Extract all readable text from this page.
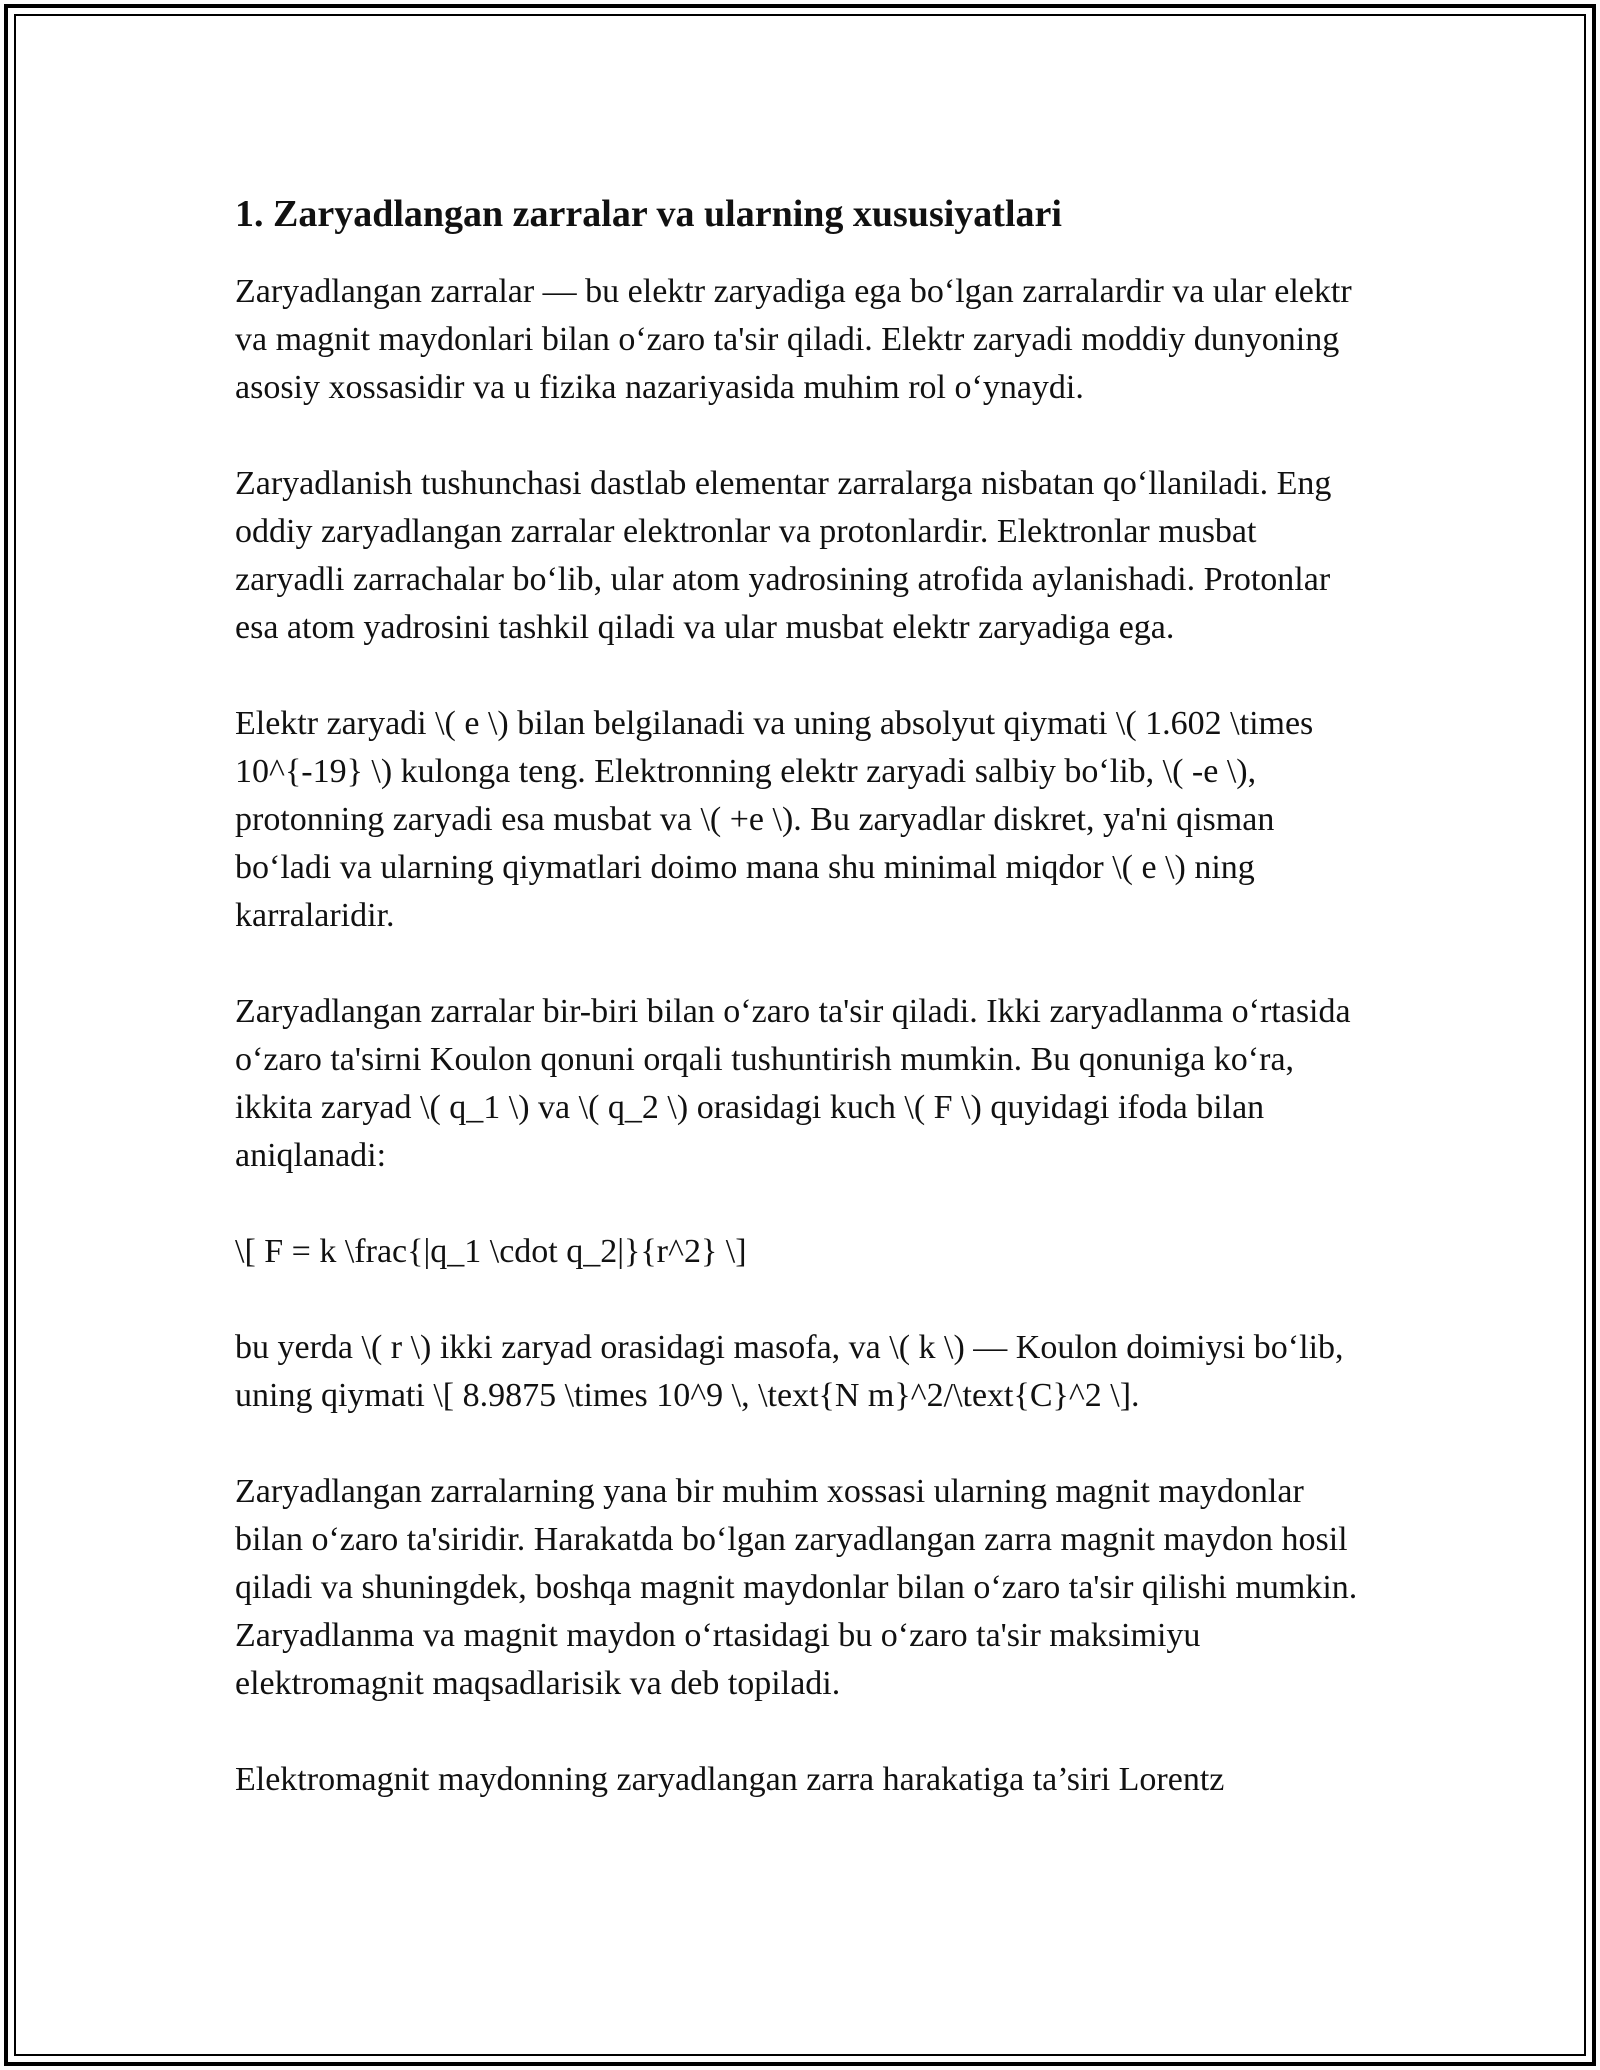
1. Zaryadlangan zarralar va ularning xususiyatlari

Zaryadlangan zarralar — bu elektr zaryadiga ega bo‘lgan zarralardir va ular elektr va magnit maydonlari bilan o‘zaro ta'sir qiladi. Elektr zaryadi moddiy dunyoning asosiy xossasidir va u fizika nazariyasida muhim rol o‘ynaydi.

Zaryadlanish tushunchasi dastlab elementar zarralarga nisbatan qo‘llaniladi. Eng oddiy zaryadlangan zarralar elektronlar va protonlardir. Elektronlar musbat zaryadli zarrachalar bo‘lib, ular atom yadrosining atrofida aylanishadi. Protonlar esa atom yadrosini tashkil qiladi va ular musbat elektr zaryadiga ega.

Elektr zaryadi \( e \) bilan belgilanadi va uning absolyut qiymati \( 1.602 \times 10^{-19} \) kulonga teng. Elektronning elektr zaryadi salbiy bo‘lib, \( -e \), protonning zaryadi esa musbat va \( +e \). Bu zaryadlar diskret, ya'ni qisman bo‘ladi va ularning qiymatlari doimo mana shu minimal miqdor \( e \) ning karralaridir.

Zaryadlangan zarralar bir-biri bilan o‘zaro ta'sir qiladi. Ikki zaryadlanma o‘rtasida o‘zaro ta'sirni Koulon qonuni orqali tushuntirish mumkin. Bu qonuniga ko‘ra, ikkita zaryad \( q_1 \) va \( q_2 \) orasidagi kuch \( F \) quyidagi ifoda bilan aniqlanadi:

\[ F = k \frac{|q_1 \cdot q_2|}{r^2} \]

bu yerda \( r \) ikki zaryad orasidagi masofa, va \( k \) — Koulon doimiysi bo‘lib, uning qiymati \[ 8.9875 \times 10^9 \, \text{N m}^2/\text{C}^2 \].

Zaryadlangan zarralarning yana bir muhim xossasi ularning magnit maydonlar bilan o‘zaro ta'siridir. Harakatda bo‘lgan zaryadlangan zarra magnit maydon hosil qiladi va shuningdek, boshqa magnit maydonlar bilan o‘zaro ta'sir qilishi mumkin. Zaryadlanma va magnit maydon o‘rtasidagi bu o‘zaro ta'sir maksimiyu elektromagnit maqsadlarisik va deb topiladi.

Elektromagnit maydonning zaryadlangan zarra harakatiga ta’siri Lorentz
